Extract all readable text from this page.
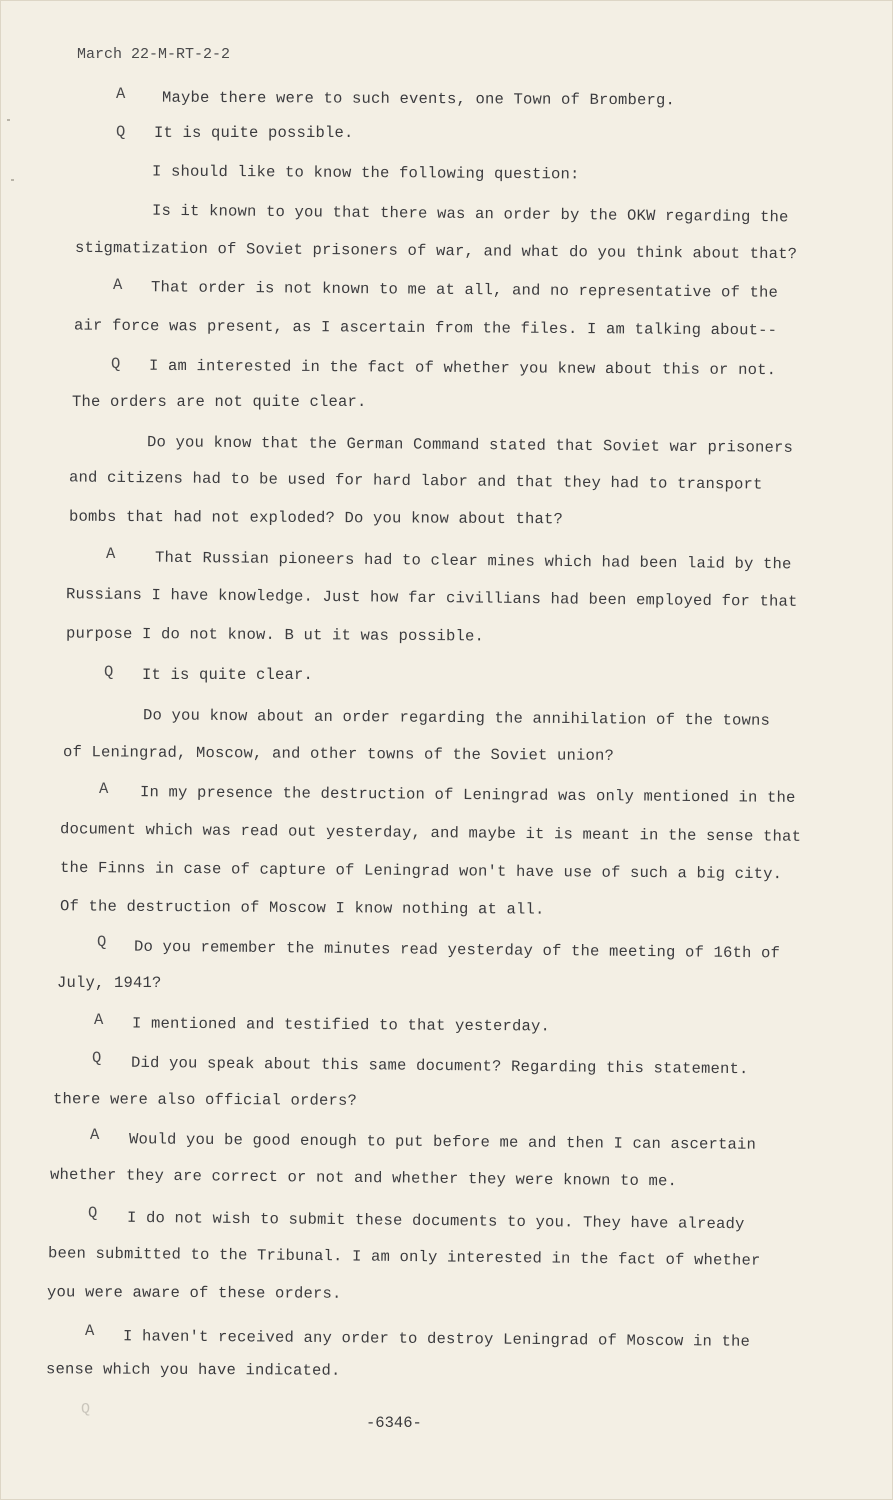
March 22-M-RT-2-2
A Maybe there were to such events, one Town of Bromberg.
Q It is quite possible.
I should like to know the following question:
Is it known to you that there was an order by the OKW regarding the
stigmatization of Soviet prisoners of war, and what do you think about that?
A That order is not known to me at all, and no representative of the
air force was present, as I ascertain from the files. I am talking about--
Q I am interested in the fact of whether you knew about this or not.
The orders are not quite clear.
Do you know that the German Command stated that Soviet war prisoners
and citizens had to be used for hard labor and that they had to transport
bombs that had not exploded? Do you know about that?
A	That Russian pioneers had to clear mines which had been laid by the
Russians I have knowledge. Just how far civillians had been employed for that
purpose I do not know. B ut it was possible.
Q It is quite clear.
Do you know about an order regarding the annihilation of the towns
of Leningrad, Moscow, and other towns of the Soviet union?
A In my presence the destruction of Leningrad was only mentioned in the
document which was read out yesterday, and maybe it is meant in the sense that
the Finns in case of capture of Leningrad won't have use of such a big city.
Of the destruction of Moscow I know nothing at all.
Q Do you remember the minutes read yesterday of the meeting of 16th of
July, 1941?
A I mentioned and testified to that yesterday.
Q Did you speak about this same document? Regarding this statement.
there were also official orders?
A Would you be good enough to put before me and then I can ascertain
whether they are correct or not and whether they were known to me.
Q I do not wish to submit these documents to you. They have already
been submitted to the Tribunal. I am only interested in the fact of whether
you were aware of these orders.
A I haven't received any order to destroy Leningrad of Moscow in the
sense which you have indicated.
Q
-6346-
